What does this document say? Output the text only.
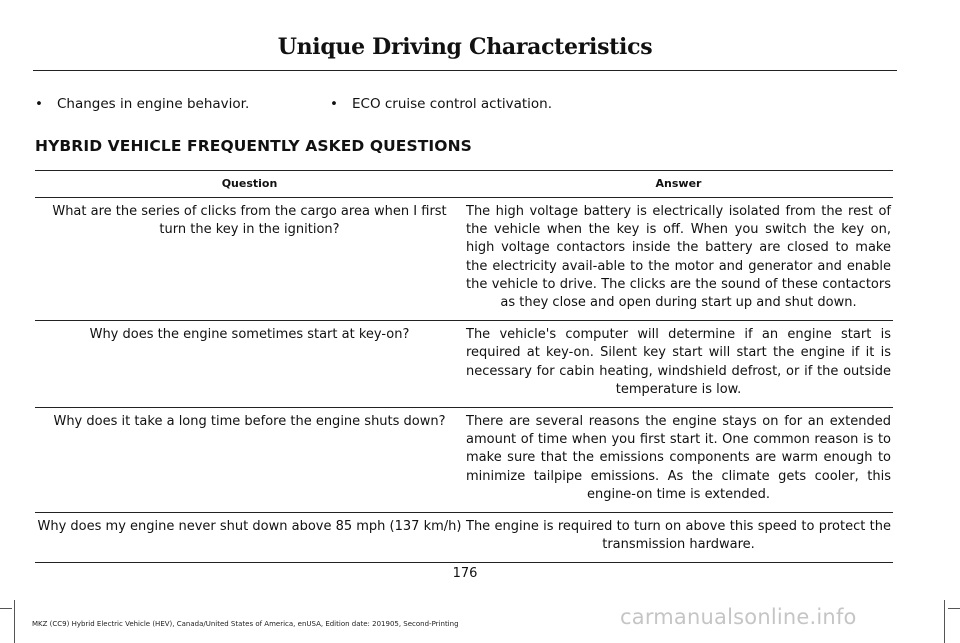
Unique Driving Characteristics
• Changes in engine behavior.	• ECO cruise control activation.
HYBRID VEHICLE FREQUENTLY ASKED QUESTIONS
Question	Answer
What are the series of clicks from the cargo area when I first turn the key in the ignition?	The high voltage battery is electrically isolated from the rest of the vehicle when the key is off. When you switch the key on, high voltage contactors inside the battery are closed to make the electricity avail-able to the motor and generator and enable the vehicle to drive. The clicks are the sound of these contactors as they close and open during start up and shut down.
Why does the engine sometimes start at key-on?	The vehicle's computer will determine if an engine start is required at key-on. Silent key start will start the engine if it is necessary for cabin heating, windshield defrost, or if the outside temperature is low.
Why does it take a long time before the engine shuts down?	There are several reasons the engine stays on for an extended amount of time when you first start it. One common reason is to make sure that the emissions components are warm enough to minimize tailpipe emissions. As the climate gets cooler, this engine-on time is extended.
Why does my engine never shut down above 85 mph (137 km/h)	The engine is required to turn on above this speed to protect the transmission hardware.
176
MKZ (CC9) Hybrid Electric Vehicle (HEV), Canada/United States of America, enUSA, Edition date: 201905, Second-Printing	carmanualsonline.info
